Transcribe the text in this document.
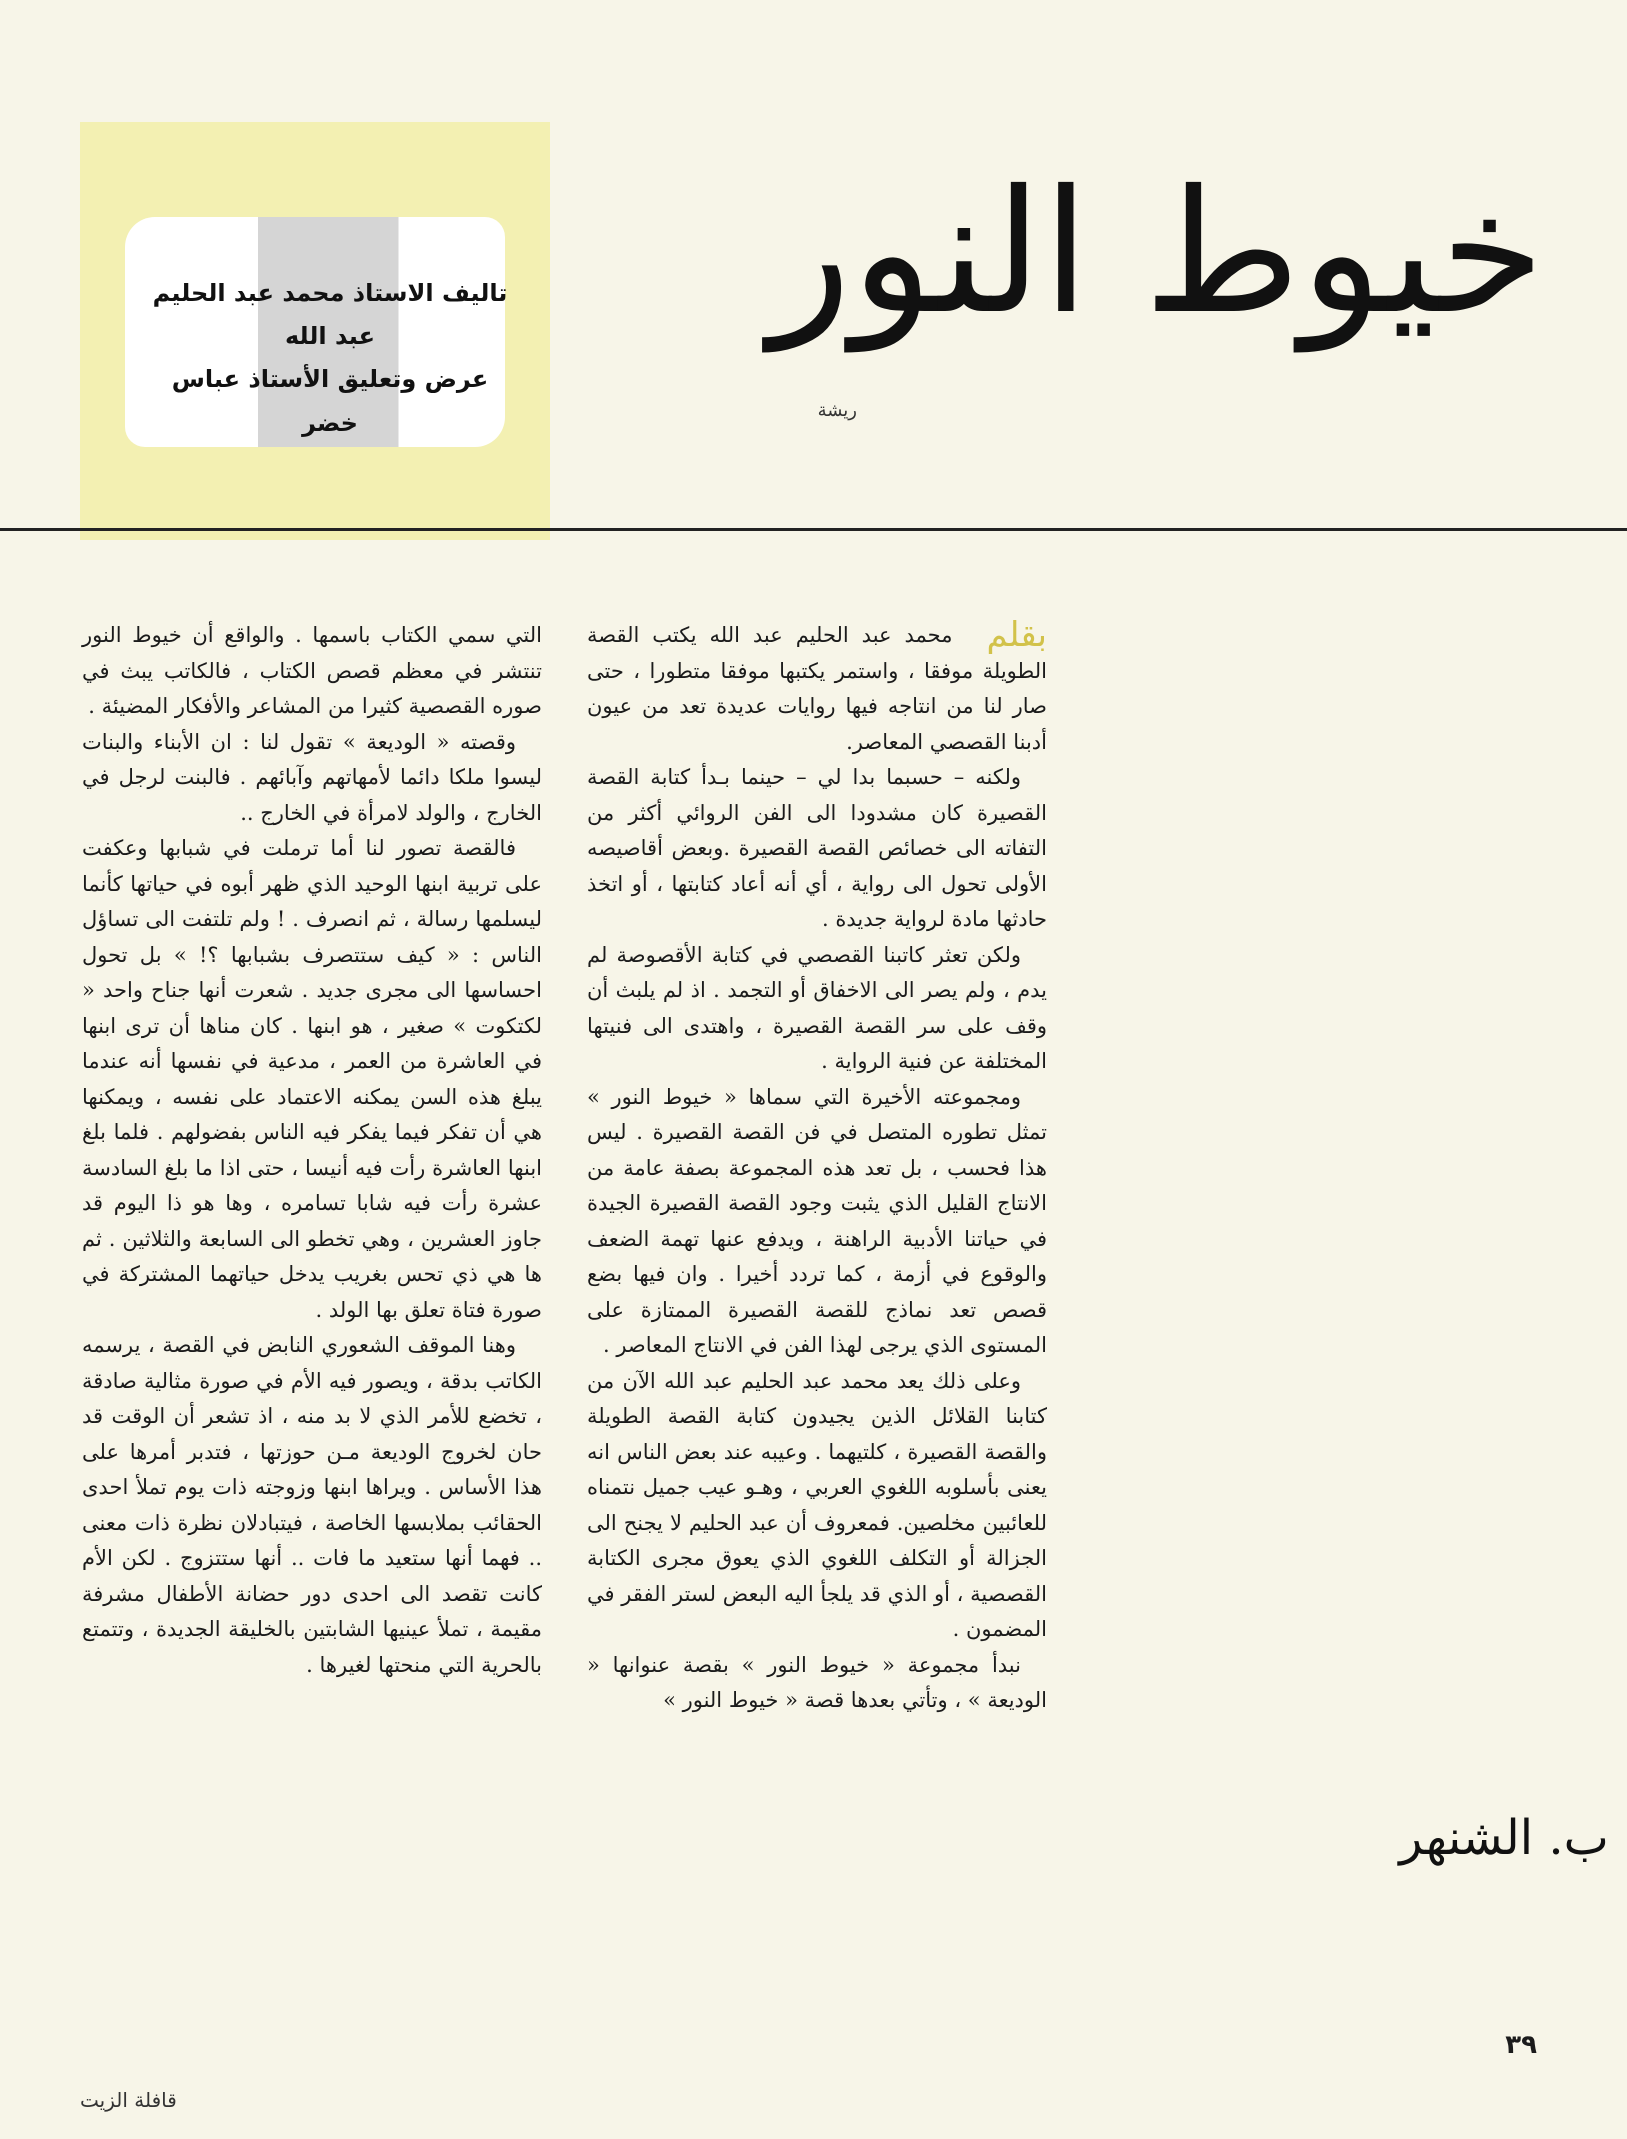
خيوط النور
ريشة
تاليف الاستاذ محمد عبد الحليم عبد الله
عرض وتعليق الأستاذ عباس خضر
بقلم

محمد عبد الحليم عبد الله يكتب القصة الطويلة موفقا ، واستمر يكتبها موفقا متطورا ، حتى صار لنا من انتاجه فيها روايات عديدة تعد من عيون أدبنا القصصي المعاصر.

ولكنه – حسبما بدا لي – حينما بـدأ كتابة القصة القصيرة كان مشدودا الى الفن الروائي أكثر من التفاته الى خصائص القصة القصيرة .وبعض أقاصيصه الأولى تحول الى رواية ، أي أنه أعاد كتابتها ، أو اتخذ حادثها مادة لرواية جديدة .

ولكن تعثر كاتبنا القصصي في كتابة الأقصوصة لم يدم ، ولم يصر الى الاخفاق أو التجمد . اذ لم يلبث أن وقف على سر القصة القصيرة ، واهتدى الى فنيتها المختلفة عن فنية الرواية .

ومجموعته الأخيرة التي سماها « خيوط النور » تمثل تطوره المتصل في فن القصة القصيرة . ليس هذا فحسب ، بل تعد هذه المجموعة بصفة عامة من الانتاج القليل الذي يثبت وجود القصة القصيرة الجيدة في حياتنا الأدبية الراهنة ، ويدفع عنها تهمة الضعف والوقوع في أزمة ، كما تردد أخيرا . وان فيها بضع قصص تعد نماذج للقصة القصيرة الممتازة على المستوى الذي يرجى لهذا الفن في الانتاج المعاصر .

وعلى ذلك يعد محمد عبد الحليم عبد الله الآن من كتابنا القلائل الذين يجيدون كتابة القصة الطويلة والقصة القصيرة ، كلتيهما . وعيبه عند بعض الناس انه يعنى بأسلوبه اللغوي العربي ، وهـو عيب جميل نتمناه للعائبين مخلصين. فمعروف أن عبد الحليم لا يجنح الى الجزالة أو التكلف اللغوي الذي يعوق مجرى الكتابة القصصية ، أو الذي قد يلجأ اليه البعض لستر الفقر في المضمون .

نبدأ مجموعة « خيوط النور » بقصة عنوانها « الوديعة » ، وتأتي بعدها قصة « خيوط النور »

التي سمي الكتاب باسمها . والواقع أن خيوط النور تنتشر في معظم قصص الكتاب ، فالكاتب يبث في صوره القصصية كثيرا من المشاعر والأفكار المضيئة .

وقصته « الوديعة » تقول لنا : ان الأبناء والبنات ليسوا ملكا دائما لأمهاتهم وآبائهم . فالبنت لرجل في الخارج ، والولد لامرأة في الخارج ..

فالقصة تصور لنا أما ترملت في شبابها وعكفت على تربية ابنها الوحيد الذي ظهر أبوه في حياتها كأنما ليسلمها رسالة ، ثم انصرف . ! ولم تلتفت الى تساؤل الناس : « كيف ستتصرف بشبابها ؟! » بل تحول احساسها الى مجرى جديد . شعرت أنها جناح واحد « لكتكوت » صغير ، هو ابنها . كان مناها أن ترى ابنها في العاشرة من العمر ، مدعية في نفسها أنه عندما يبلغ هذه السن يمكنه الاعتماد على نفسه ، ويمكنها هي أن تفكر فيما يفكر فيه الناس بفضولهم . فلما بلغ ابنها العاشرة رأت فيه أنيسا ، حتى اذا ما بلغ السادسة عشرة رأت فيه شابا تسامره ، وها هو ذا اليوم قد جاوز العشرين ، وهي تخطو الى السابعة والثلاثين . ثم ها هي ذي تحس بغريب يدخل حياتهما المشتركة في صورة فتاة تعلق بها الولد .

وهنا الموقف الشعوري النابض في القصة ، يرسمه الكاتب بدقة ، ويصور فيه الأم في صورة مثالية صادقة ، تخضع للأمر الذي لا بد منه ، اذ تشعر أن الوقت قد حان لخروج الوديعة مـن حوزتها ، فتدبر أمرها على هذا الأساس . ويراها ابنها وزوجته ذات يوم تملأ احدى الحقائب بملابسها الخاصة ، فيتبادلان نظرة ذات معنى .. فهما أنها ستعيد ما فات .. أنها ستتزوج . لكن الأم كانت تقصد الى احدى دور حضانة الأطفال مشرفة مقيمة ، تملأ عينيها الشابتين بالخليقة الجديدة ، وتتمتع بالحرية التي منحتها لغيرها .

ب. الشنهر
٣٩
قافلة الزيت
